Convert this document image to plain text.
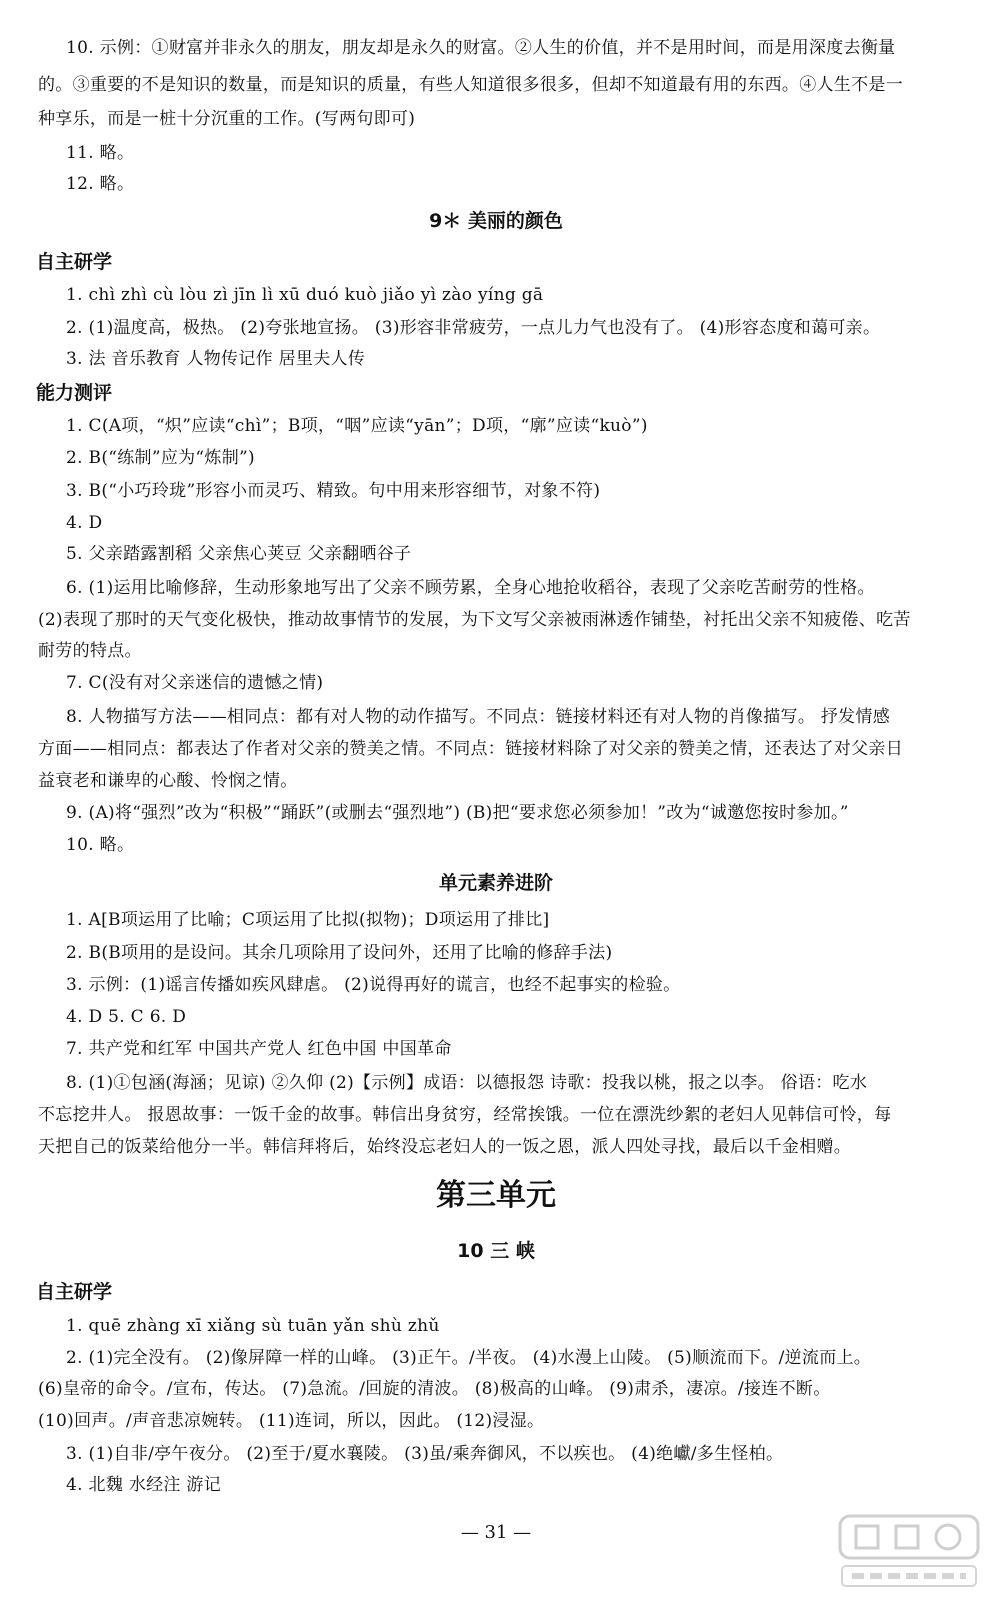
10. 示例：①财富并非永久的朋友，朋友却是永久的财富。②人生的价值，并不是用时间，而是用深度去衡量
的。③重要的不是知识的数量，而是知识的质量，有些人知道很多很多，但却不知道最有用的东西。④人生不是一
种享乐，而是一桩十分沉重的工作。(写两句即可)
11. 略。
12. 略。
9＊ 美丽的颜色
自主研学
1. chì zhì cù lòu zì jīn lì xū duó kuò jiǎo yì zào yíng gā
2. (1)温度高，极热。 (2)夸张地宣扬。 (3)形容非常疲劳，一点儿力气也没有了。 (4)形容态度和蔼可亲。
3. 法 音乐教育 人物传记作 居里夫人传
能力测评
1. C(A项，“炽”应读“chì”；B项，“咽”应读“yān”；D项，“廓”应读“kuò”)
2. B(“练制”应为“炼制”)
3. B(“小巧玲珑”形容小而灵巧、精致。句中用来形容细节，对象不符)
4. D
5. 父亲踏露割稻 父亲焦心荚豆 父亲翻晒谷子
6. (1)运用比喻修辞，生动形象地写出了父亲不顾劳累，全身心地抢收稻谷，表现了父亲吃苦耐劳的性格。
(2)表现了那时的天气变化极快，推动故事情节的发展，为下文写父亲被雨淋透作铺垫，衬托出父亲不知疲倦、吃苦
耐劳的特点。
7. C(没有对父亲迷信的遗憾之情)
8. 人物描写方法——相同点：都有对人物的动作描写。不同点：链接材料还有对人物的肖像描写。 抒发情感
方面——相同点：都表达了作者对父亲的赞美之情。不同点：链接材料除了对父亲的赞美之情，还表达了对父亲日
益衰老和谦卑的心酸、怜悯之情。
9. (A)将“强烈”改为“积极”“踊跃”(或删去“强烈地”) (B)把“要求您必须参加！”改为“诚邀您按时参加。”
10. 略。
单元素养进阶
1. A[B项运用了比喻；C项运用了比拟(拟物)；D项运用了排比]
2. B(B项用的是设问。其余几项除用了设问外，还用了比喻的修辞手法)
3. 示例：(1)谣言传播如疾风肆虐。 (2)说得再好的谎言，也经不起事实的检验。
4. D 5. C 6. D
7. 共产党和红军 中国共产党人 红色中国 中国革命
8. (1)①包涵(海涵；见谅) ②久仰 (2)【示例】成语：以德报怨 诗歌：投我以桃，报之以李。 俗语：吃水
不忘挖井人。 报恩故事：一饭千金的故事。韩信出身贫穷，经常挨饿。一位在漂洗纱絮的老妇人见韩信可怜，每
天把自己的饭菜给他分一半。韩信拜将后，始终没忘老妇人的一饭之恩，派人四处寻找，最后以千金相赠。
第三单元
10 三 峡
自主研学
1. quē zhàng xī xiǎng sù tuān yǎn shù zhǔ
2. (1)完全没有。 (2)像屏障一样的山峰。 (3)正午。/半夜。 (4)水漫上山陵。 (5)顺流而下。/逆流而上。
(6)皇帝的命令。/宣布，传达。 (7)急流。/回旋的清波。 (8)极高的山峰。 (9)肃杀，凄凉。/接连不断。
(10)回声。/声音悲凉婉转。 (11)连词，所以，因此。 (12)浸湿。
3. (1)自非/亭午夜分。 (2)至于/夏水襄陵。 (3)虽/乘奔御风，不以疾也。 (4)绝巘/多生怪柏。
4. 北魏 水经注 游记
— 31 —
